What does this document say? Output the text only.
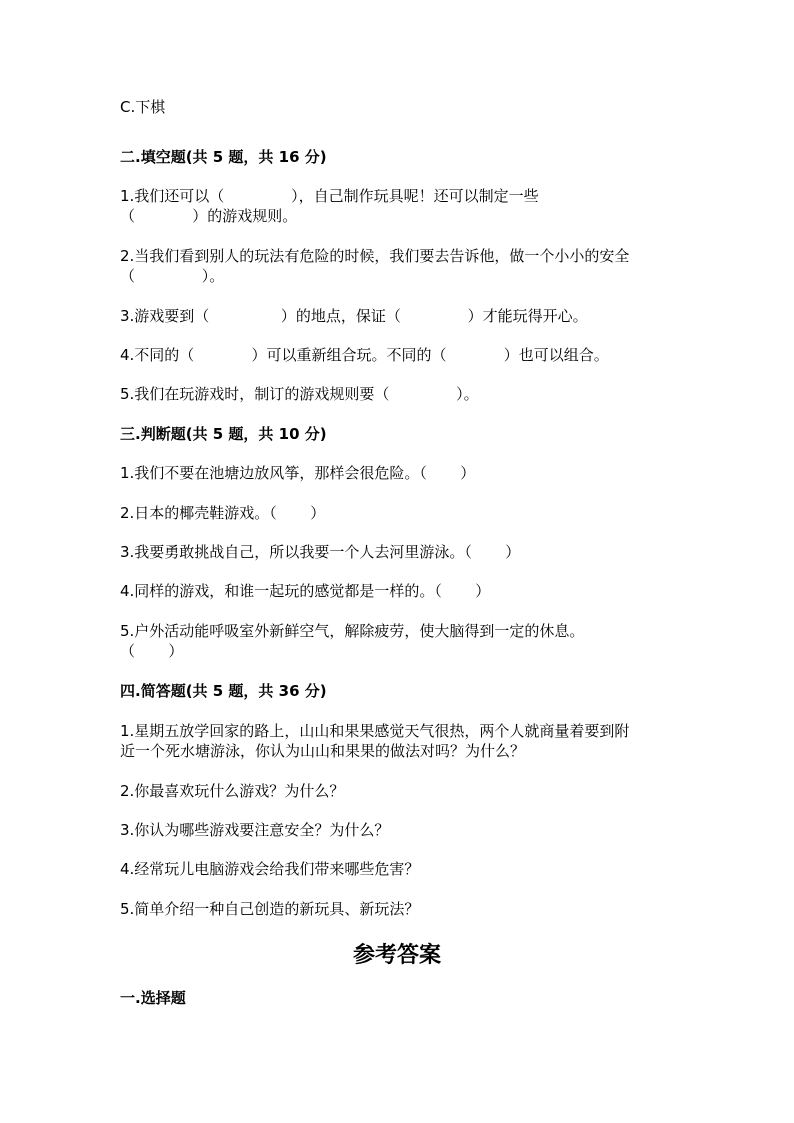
C.下棋
二.填空题(共 5 题，共 16 分)
1.我们还可以（              ），自己制作玩具呢！还可以制定一些
（            ）的游戏规则。
2.当我们看到别人的玩法有危险的时候，我们要去告诉他，做一个小小的安全
（              ）。
3.游戏要到（               ）的地点，保证（              ）才能玩得开心。
4.不同的（            ）可以重新组合玩。不同的（            ）也可以组合。
5.我们在玩游戏时，制订的游戏规则要（              ）。
三.判断题(共 5 题，共 10 分)
1.我们不要在池塘边放风筝，那样会很危险。（       ）
2.日本的椰壳鞋游戏。（       ）
3.我要勇敢挑战自己，所以我要一个人去河里游泳。（       ）
4.同样的游戏，和谁一起玩的感觉都是一样的。（       ）
5.户外活动能呼吸室外新鲜空气，解除疲劳，使大脑得到一定的休息。
（       ）
四.简答题(共 5 题，共 36 分)
1.星期五放学回家的路上，山山和果果感觉天气很热，两个人就商量着要到附
近一个死水塘游泳，你认为山山和果果的做法对吗？为什么？
2.你最喜欢玩什么游戏？为什么？
3.你认为哪些游戏要注意安全？为什么？
4.经常玩儿电脑游戏会给我们带来哪些危害？
5.简单介绍一种自己创造的新玩具、新玩法？
参考答案
一.选择题
